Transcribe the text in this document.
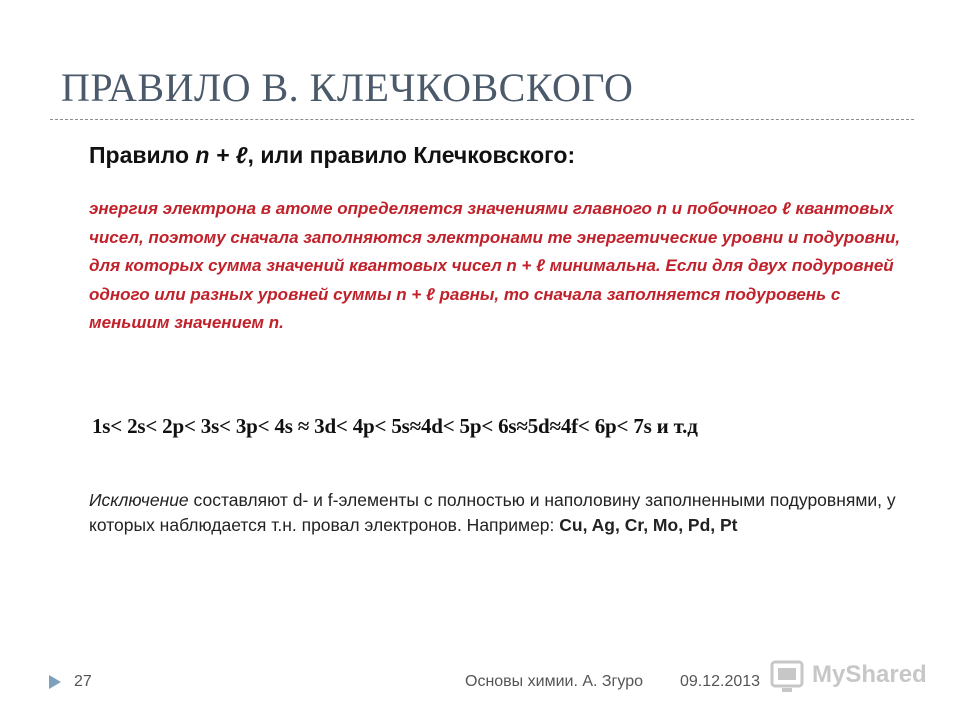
ПРАВИЛО В. КЛЕЧКОВСКОГО
Правило n + ℓ, или правило Клечковского:
энергия электрона в атоме определяется значениями главного n и побочного ℓ квантовых чисел, поэтому сначала заполняются электронами те энергетические уровни и подуровни, для которых сумма значений квантовых чисел n + ℓ минимальна. Если для двух подуровней одного или разных уровней суммы n + ℓ равны, то сначала заполняется подуровень с меньшим значением n.
1s< 2s< 2p< 3s< 3p< 4s ≈ 3d< 4p< 5s≈4d< 5p< 6s≈5d≈4f< 6p< 7s и т.д
Исключение составляют d- и f-элементы с полностью и наполовину заполненными подуровнями, у которых наблюдается т.н. провал электронов. Например: Cu, Ag, Cr, Mo, Pd, Pt
27	Основы химии. А. Згуро 09.12.2013 MyShared
